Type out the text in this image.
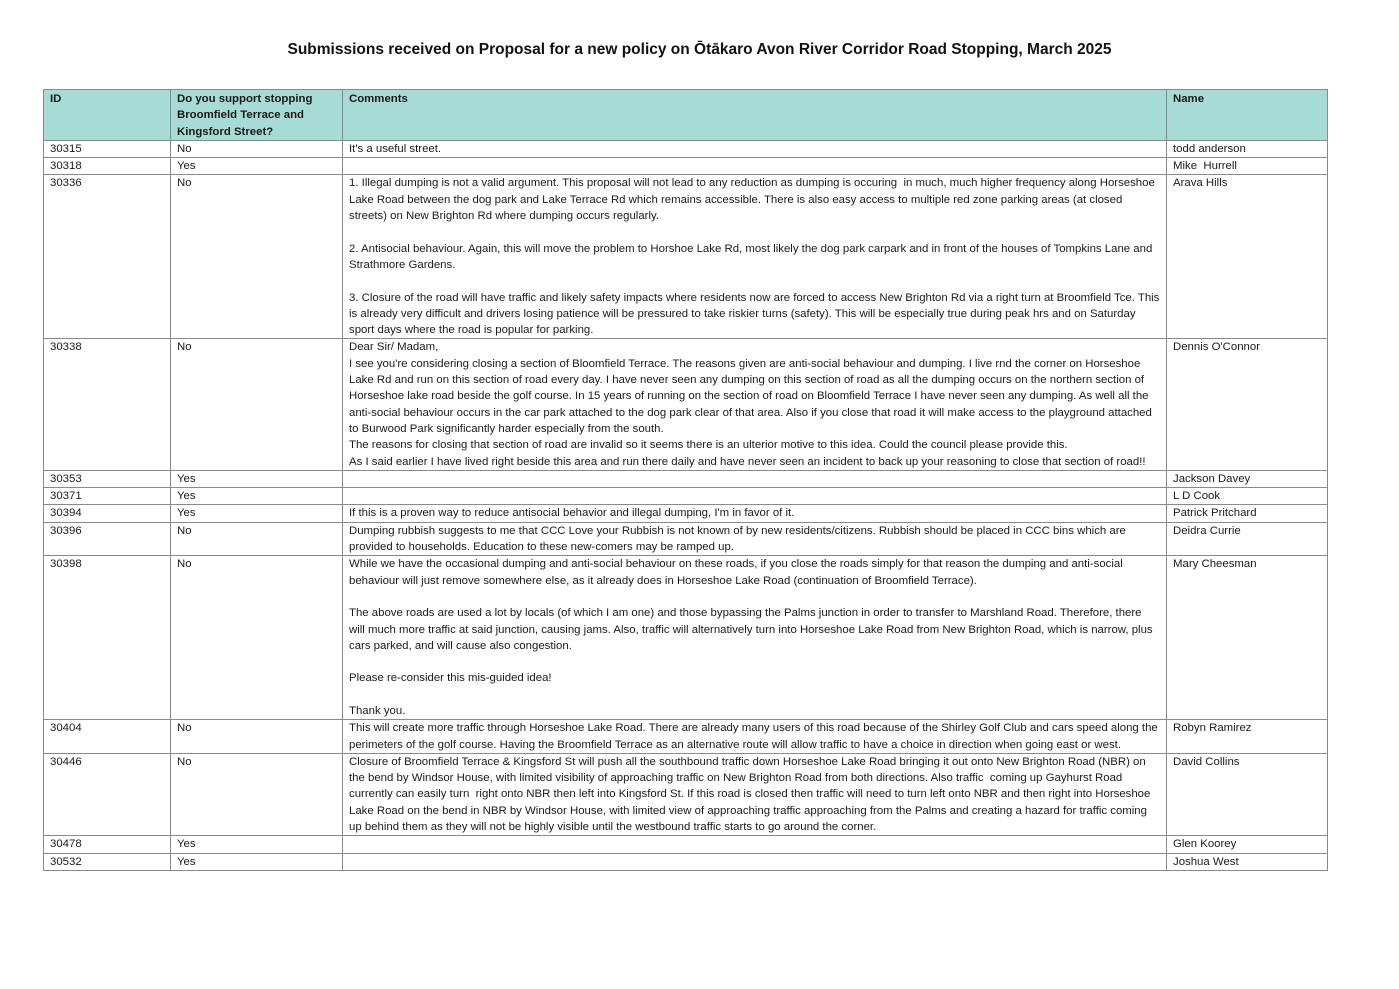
Submissions received on Proposal for a new policy on Ōtākaro Avon River Corridor Road Stopping, March 2025
ID	Do you support stopping Broomfield Terrace and Kingsford Street?	Comments	Name
30315	No	It's a useful street.	todd anderson
30318	Yes		Mike  Hurrell
30336	No	1. Illegal dumping is not a valid argument. This proposal will not lead to any reduction as dumping is occuring  in much, much higher frequency along Horseshoe Lake Road between the dog park and Lake Terrace Rd which remains accessible. There is also easy access to multiple red zone parking areas (at closed streets) on New Brighton Rd where dumping occurs regularly.

2. Antisocial behaviour. Again, this will move the problem to Horshoe Lake Rd, most likely the dog park carpark and in front of the houses of Tompkins Lane and Strathmore Gardens.

3. Closure of the road will have traffic and likely safety impacts where residents now are forced to access New Brighton Rd via a right turn at Broomfield Tce. This is already very difficult and drivers losing patience will be pressured to take riskier turns (safety). This will be especially true during peak hrs and on Saturday sport days where the road is popular for parking.	Arava Hills
30338	No	Dear Sir/ Madam,
I see you're considering closing a section of Bloomfield Terrace. The reasons given are anti-social behaviour and dumping. I live rnd the corner on Horseshoe Lake Rd and run on this section of road every day. I have never seen any dumping on this section of road as all the dumping occurs on the northern section of Horseshoe lake road beside the golf course. In 15 years of running on the section of road on Bloomfield Terrace I have never seen any dumping. As well all the anti-social behaviour occurs in the car park attached to the dog park clear of that area. Also if you close that road it will make access to the playground attached to Burwood Park significantly harder especially from the south.
The reasons for closing that section of road are invalid so it seems there is an ulterior motive to this idea. Could the council please provide this.
As I said earlier I have lived right beside this area and run there daily and have never seen an incident to back up your reasoning to close that section of road!!	Dennis O'Connor
30353	Yes		Jackson Davey
30371	Yes		L D Cook
30394	Yes	If this is a proven way to reduce antisocial behavior and illegal dumping, I'm in favor of it.	Patrick Pritchard
30396	No	Dumping rubbish suggests to me that CCC Love your Rubbish is not known of by new residents/citizens. Rubbish should be placed in CCC bins which are provided to households. Education to these new-comers may be ramped up.	Deidra Currie
30398	No	While we have the occasional dumping and anti-social behaviour on these roads, if you close the roads simply for that reason the dumping and anti-social behaviour will just remove somewhere else, as it already does in Horseshoe Lake Road (continuation of Broomfield Terrace).

The above roads are used a lot by locals (of which I am one) and those bypassing the Palms junction in order to transfer to Marshland Road. Therefore, there will much more traffic at said junction, causing jams. Also, traffic will alternatively turn into Horseshoe Lake Road from New Brighton Road, which is narrow, plus cars parked, and will cause also congestion.

Please re-consider this mis-guided idea!

Thank you.	Mary Cheesman
30404	No	This will create more traffic through Horseshoe Lake Road. There are already many users of this road because of the Shirley Golf Club and cars speed along the perimeters of the golf course. Having the Broomfield Terrace as an alternative route will allow traffic to have a choice in direction when going east or west.	Robyn Ramirez
30446	No	Closure of Broomfield Terrace & Kingsford St will push all the southbound traffic down Horseshoe Lake Road bringing it out onto New Brighton Road (NBR) on the bend by Windsor House, with limited visibility of approaching traffic on New Brighton Road from both directions. Also traffic  coming up Gayhurst Road currently can easily turn  right onto NBR then left into Kingsford St. If this road is closed then traffic will need to turn left onto NBR and then right into Horseshoe Lake Road on the bend in NBR by Windsor House, with limited view of approaching traffic approaching from the Palms and creating a hazard for traffic coming up behind them as they will not be highly visible until the westbound traffic starts to go around the corner.	David Collins
30478	Yes		Glen Koorey
30532	Yes		Joshua West
